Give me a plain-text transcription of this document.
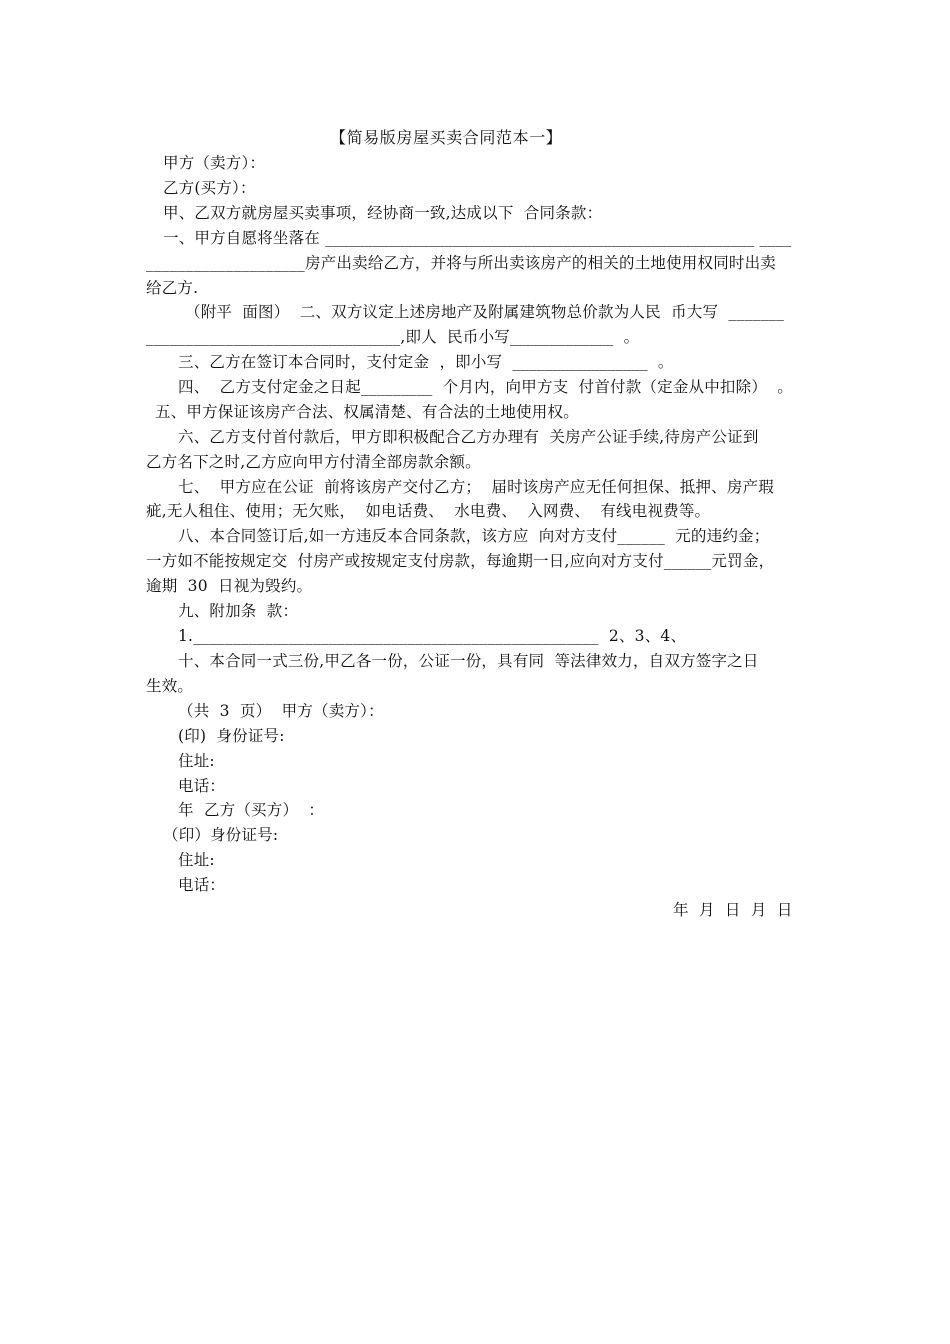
【简易版房屋买卖合同范本一】
甲方（卖方）：
乙方(买方）：
甲、乙双方就房屋买卖事项，经协商一致,达成以下  合同条款：
一、甲方自愿将坐落在 ______________________________________________________ ____
____________________房产出卖给乙方，并将与所出卖该房产的相关的土地使用权同时出卖
给乙方.
（附平  面图）  二、双方议定上述房地产及附属建筑物总价款为人民  币大写  _______
________________________________,即人  民币小写_____________  。
三、乙方在签订本合同时，支付定金  ，即小写  _________________  。
四、  乙方支付定金之日起_________  个月内，向甲方支  付首付款（定金从中扣除）  。
五、甲方保证该房产合法、权属清楚、有合法的土地使用权。
六、乙方支付首付款后，甲方即积极配合乙方办理有  关房产公证手续,待房产公证到
乙方名下之时,乙方应向甲方付清全部房款余额。
七、  甲方应在公证  前将该房产交付乙方；  届时该房产应无任何担保、抵押、房产瑕
疵,无人租住、使用；无欠账，  如电话费、  水电费、  入网费、  有线电视费等。
八、本合同签订后,如一方违反本合同条款，该方应  向对方支付______  元的违约金；
一方如不能按规定交  付房产或按规定支付房款，每逾期一日,应向对方支付______元罚金，
逾期  30  日视为毁约。
九、附加条  款：
1.___________________________________________________  2、3、4、
十、本合同一式三份,甲乙各一份，公证一份，具有同  等法律效力，自双方签字之日
生效。
（共  3  页）  甲方（卖方）：
(印)  身份证号:
住址:
电话：
年  乙方（买方）  ：
（印）身份证号:
住址:
电话：
年  月  日  月  日
